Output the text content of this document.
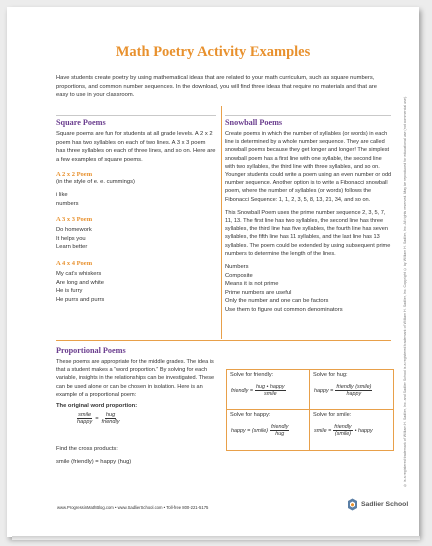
Math Poetry Activity Examples
Have students create poetry by using mathematical ideas that are related to your math curriculum, such as square numbers, proportions, and common number sequences. In the download, you will find three ideas that require no materials and that are easy to use in your classroom.
Square Poems
Square poems are fun for students at all grade levels. A 2 x 2 poem has two syllables on each of two lines. A 3 x 3 poem has three syllables on each of three lines, and so on. Here are a few examples of square poems.
A 2 x 2 Poem
(in the style of e. e. cummings)
i like
numbers
A 3 x 3 Poem
Do homework
It helps you
Learn better
A 4 x 4 Poem
My cat’s whiskers
Are long and white
He is furry
He purrs and purrs
Snowball Poems
Create poems in which the number of syllables (or words) in each line is determined by a whole number sequence. They are called snowball poems because they get longer and longer! The simplest snowball poem has a first line with one syllable, the second line with two syllables, the third line with three syllables, and so on. Younger students could write a poem using an even number or odd number sequence. Another option is to write a Fibonacci snowball poem, where the number of syllables (or words) follows the Fibonacci Sequence: 1, 1, 2, 3, 5, 8, 13, 21, 34, and so on.
This Snowball Poem uses the prime number sequence 2, 3, 5, 7, 11, 13. The first line has two syllables, the second line has three syllables, the third line has five syllables, the fourth line has seven syllables, the fifth line has 11 syllables, and the last line has 13 syllables. The poem could be extended by using subsequent prime numbers to determine the length of the lines.
Numbers
Composite
Means it is not prime
Prime numbers are useful
Only the number and one can be factors
Use them to figure out common denominators
Proportional Poems
These poems are appropriate for the middle grades. The idea is that a student makes a “word proportion.” By solving for each variable, insights in the relationships can be investigated. These can be used alone or can be chosen in isolation. Here is an example of a proportional poem:
The original word proportion:
$\frac{\text{smile}}{\text{happy}} = \frac{\text{hug}}{\text{friendly}}$
Find the cross products:
smile (friendly) = happy (hug)
Solve for friendly:
friendly = $\frac{\text{hug • happy}}{\text{smile}}$
Solve for hug:
happy = $\frac{\text{friendly (smile)}}{\text{happy}}$
Solve for happy:
happy = (smile) $\frac{\text{friendly}}{\text{hug}}$
Solve for smile:
smile = $\frac{\text{friendly}}{\text{(smile)}}$ • happy	® is a registered trademark of William H. Sadlier, Inc. and Sadlier School is a registered trademark of William H. Sadlier, Inc. Copyright © by William H. Sadlier, Inc. All rights reserved. May be reproduced for educational use (not commercial use).
www.ProgressinMathBlog.com • www.SadlierSchool.com • Toll-free 800-221-5175	Sadlier School
